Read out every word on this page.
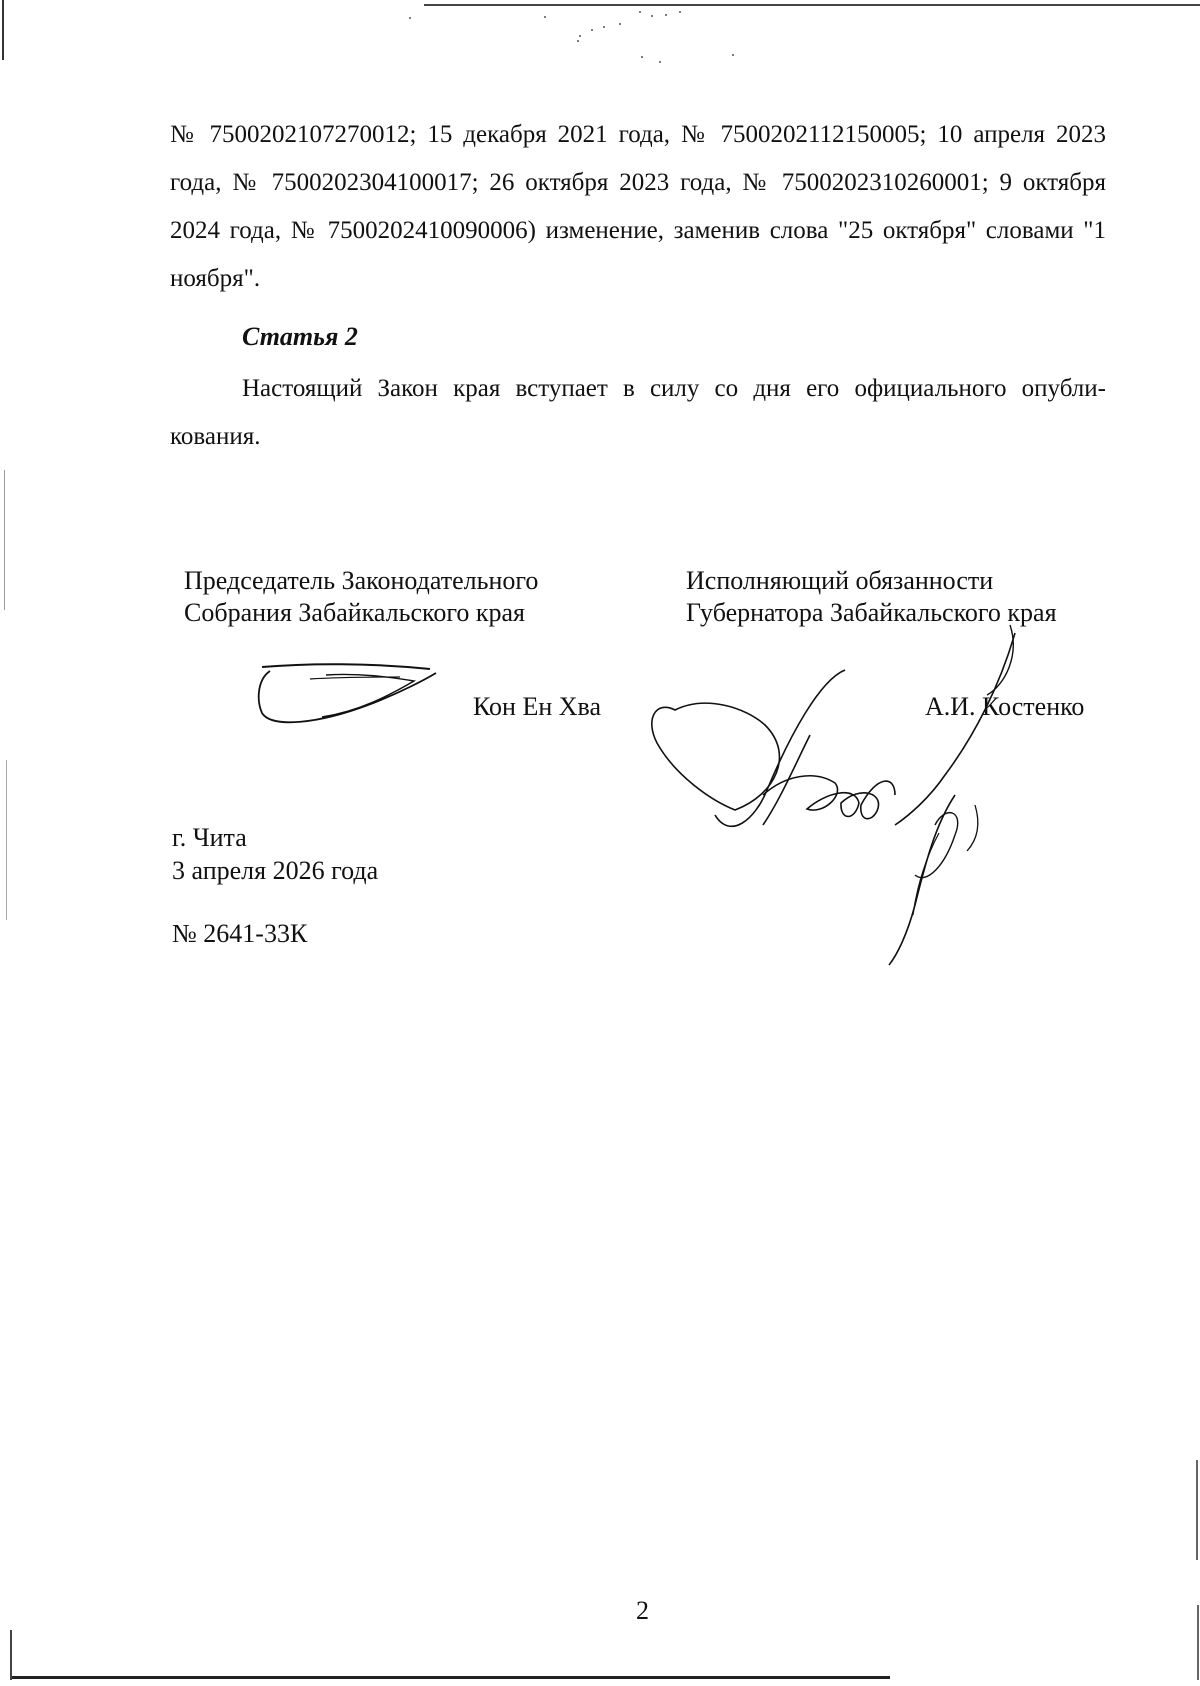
№ 7500202107270012; 15 декабря 2021 года, № 7500202112150005; 10 апреля 2023 года, № 7500202304100017; 26 октября 2023 года, № 7500202310260001; 9 октября 2024 года, № 7500202410090006) изменение, заменив слова "25 октября" словами "1 ноября".

Статья 2

Настоящий Закон края вступает в силу со дня его официального опубли-кования.

Председатель Законодательного
Собрания Забайкальского края
Исполняющий обязанности
Губернатора Забайкальского края
Кон Ен Хва	А.И. Костенко
г. Чита
3 апреля 2026 года
№ 2641-33К
2
